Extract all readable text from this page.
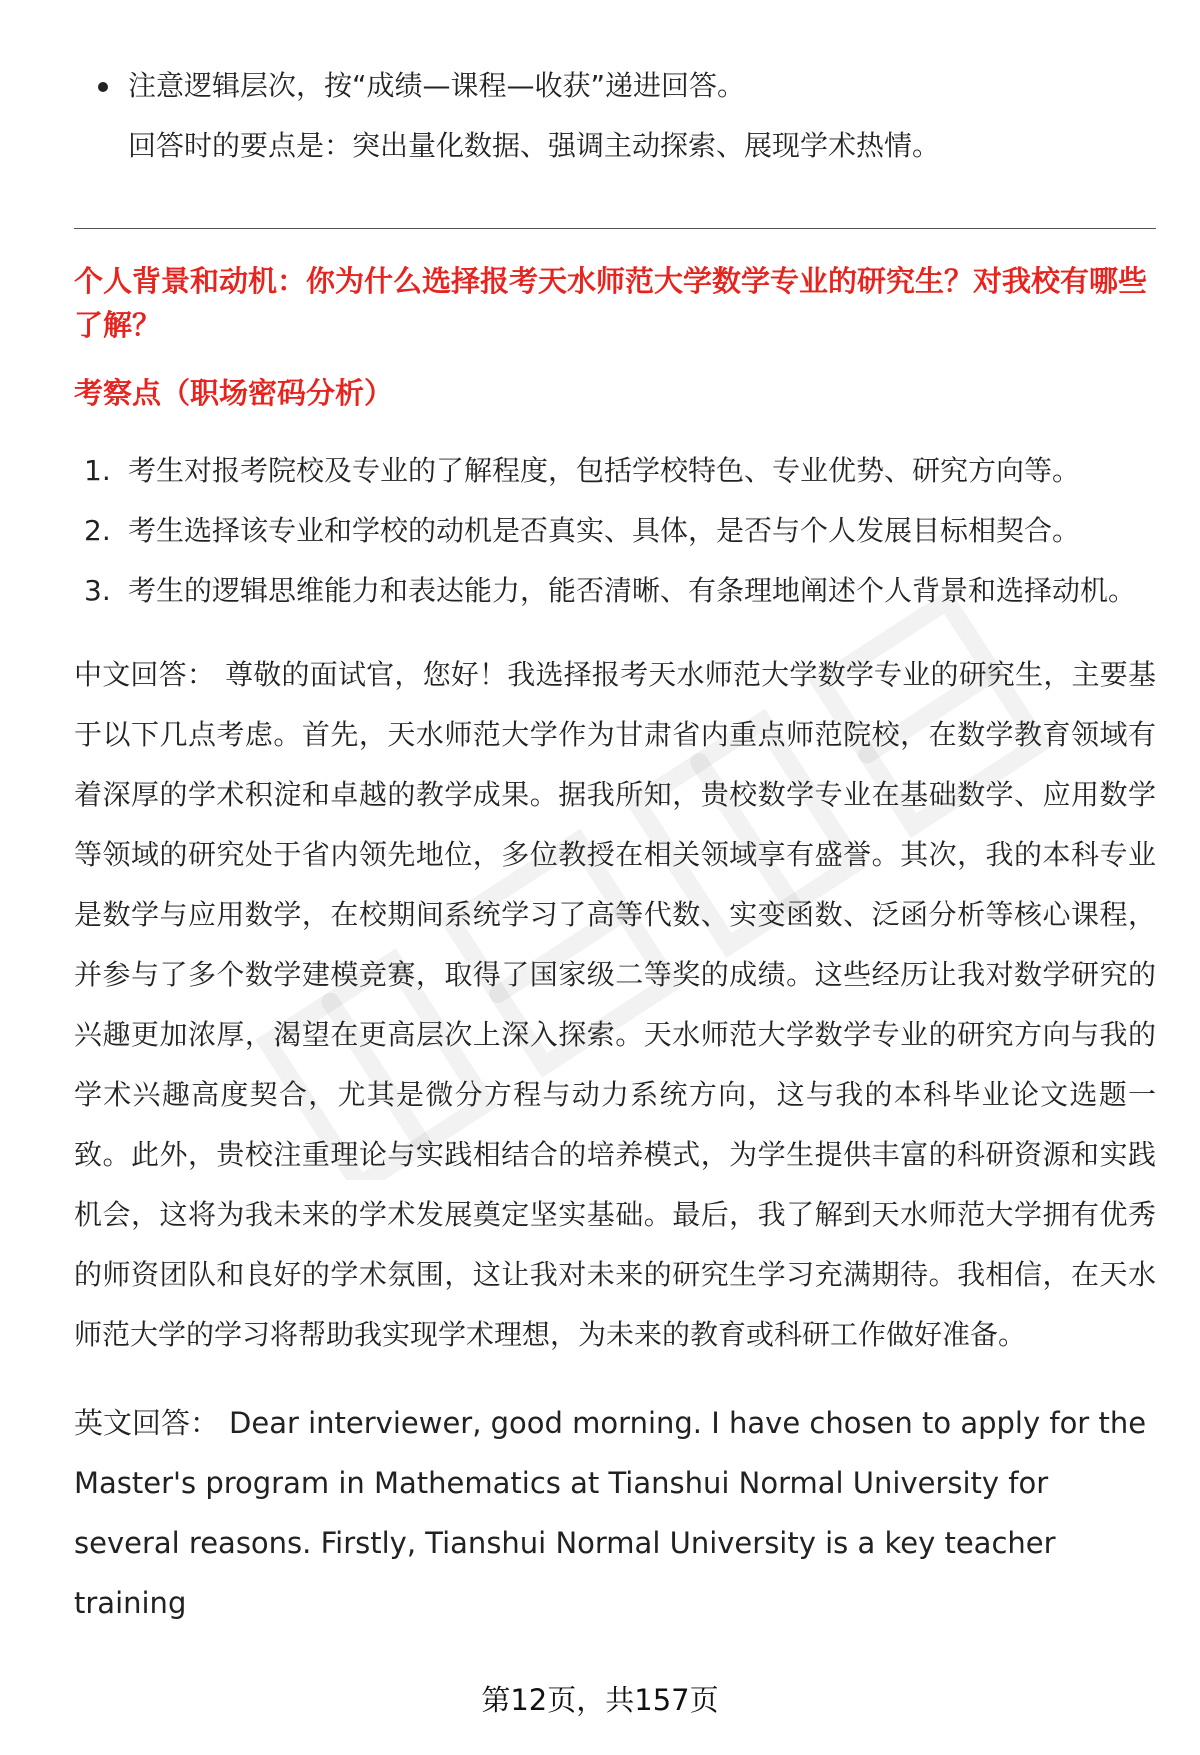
注意逻辑层次，按“成绩—课程—收获”递进回答。
回答时的要点是：突出量化数据、强调主动探索、展现学术热情。

个人背景和动机：你为什么选择报考天水师范大学数学专业的研究生？对我校有哪些了解？

考察点（职场密码分析）

1. 考生对报考院校及专业的了解程度，包括学校特色、专业优势、研究方向等。
2. 考生选择该专业和学校的动机是否真实、具体，是否与个人发展目标相契合。
3. 考生的逻辑思维能力和表达能力，能否清晰、有条理地阐述个人背景和选择动机。

中文回答： 尊敬的面试官，您好！我选择报考天水师范大学数学专业的研究生，主要基于以下几点考虑。首先，天水师范大学作为甘肃省内重点师范院校，在数学教育领域有着深厚的学术积淀和卓越的教学成果。据我所知，贵校数学专业在基础数学、应用数学等领域的研究处于省内领先地位，多位教授在相关领域享有盛誉。其次，我的本科专业是数学与应用数学，在校期间系统学习了高等代数、实变函数、泛函分析等核心课程，并参与了多个数学建模竞赛，取得了国家级二等奖的成绩。这些经历让我对数学研究的兴趣更加浓厚，渴望在更高层次上深入探索。天水师范大学数学专业的研究方向与我的学术兴趣高度契合，尤其是微分方程与动力系统方向，这与我的本科毕业论文选题一致。此外，贵校注重理论与实践相结合的培养模式，为学生提供丰富的科研资源和实践机会，这将为我未来的学术发展奠定坚实基础。最后，我了解到天水师范大学拥有优秀的师资团队和良好的学术氛围，这让我对未来的研究生学习充满期待。我相信，在天水师范大学的学习将帮助我实现学术理想，为未来的教育或科研工作做好准备。

英文回答： Dear interviewer, good morning. I have chosen to apply for the Master's program in Mathematics at Tianshui Normal University for several reasons. Firstly, Tianshui Normal University is a key teacher training

第12页，共157页
